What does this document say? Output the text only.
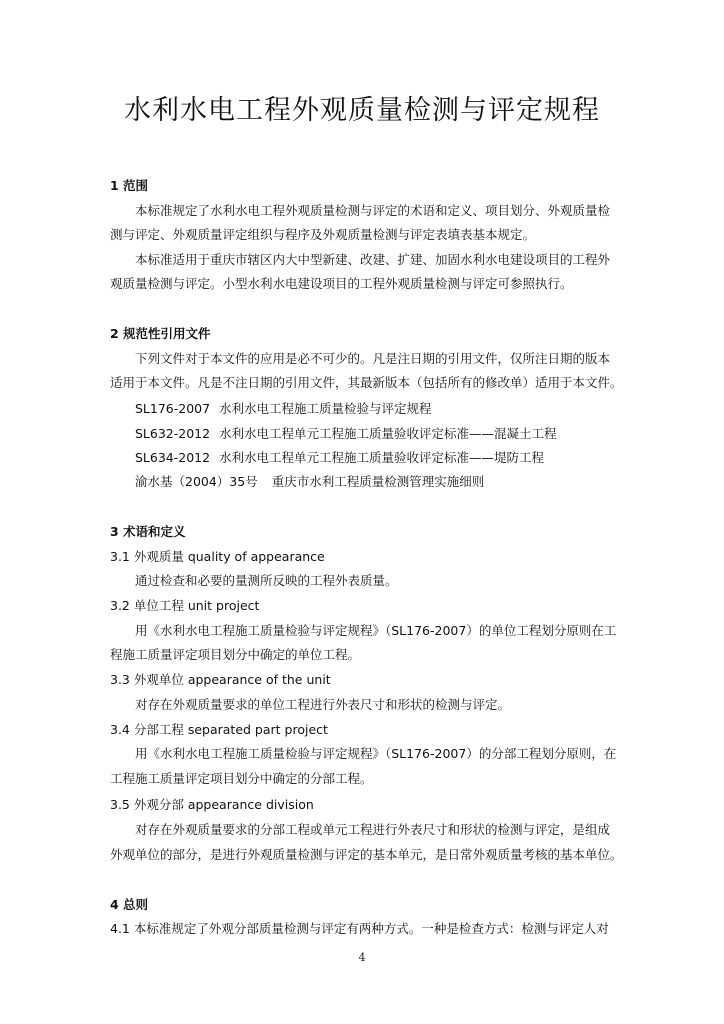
水利水电工程外观质量检测与评定规程
1 范围
本标准规定了水利水电工程外观质量检测与评定的术语和定义、项目划分、外观质量检
测与评定、外观质量评定组织与程序及外观质量检测与评定表填表基本规定。
本标准适用于重庆市辖区内大中型新建、改建、扩建、加固水利水电建设项目的工程外
观质量检测与评定。小型水利水电建设项目的工程外观质量检测与评定可参照执行。
2 规范性引用文件
下列文件对于本文件的应用是必不可少的。凡是注日期的引用文件，仅所注日期的版本
适用于本文件。凡是不注日期的引用文件，其最新版本（包括所有的修改单）适用于本文件。
SL176-2007 水利水电工程施工质量检验与评定规程
SL632-2012 水利水电工程单元工程施工质量验收评定标准——混凝土工程
SL634-2012 水利水电工程单元工程施工质量验收评定标准——堤防工程
渝水基（2004）35号 重庆市水利工程质量检测管理实施细则
3 术语和定义
3.1 外观质量 quality of appearance
通过检查和必要的量测所反映的工程外表质量。
3.2 单位工程 unit project
用《水利水电工程施工质量检验与评定规程》（SL176-2007）的单位工程划分原则在工
程施工质量评定项目划分中确定的单位工程。
3.3 外观单位 appearance of the unit
对存在外观质量要求的单位工程进行外表尺寸和形状的检测与评定。
3.4 分部工程 separated part project
用《水利水电工程施工质量检验与评定规程》（SL176-2007）的分部工程划分原则，在
工程施工质量评定项目划分中确定的分部工程。
3.5 外观分部 appearance division
对存在外观质量要求的分部工程或单元工程进行外表尺寸和形状的检测与评定，是组成
外观单位的部分，是进行外观质量检测与评定的基本单元，是日常外观质量考核的基本单位。
4 总则
4.1 本标准规定了外观分部质量检测与评定有两种方式。一种是检查方式：检测与评定人对
4
